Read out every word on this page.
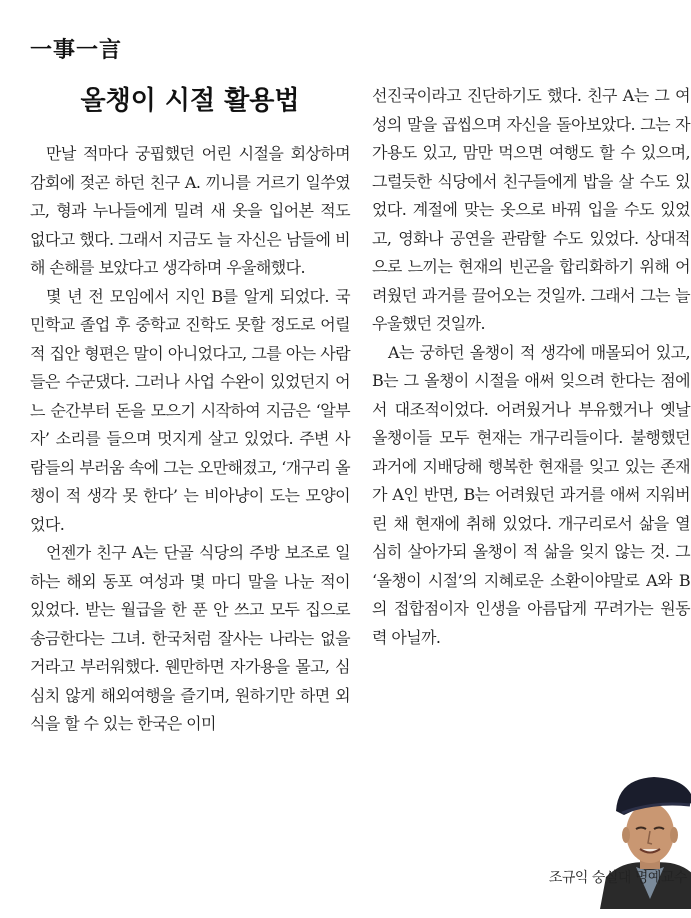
一事一言
올챙이 시절 활용법

만날 적마다 궁핍했던 어린 시절을 회상하며 감회에 젖곤 하던 친구 A. 끼니를 거르기 일쑤였고, 형과 누나들에게 밀려 새 옷을 입어본 적도 없다고 했다. 그래서 지금도 늘 자신은 남들에 비해 손해를 보았다고 생각하며 우울해했다.

몇 년 전 모임에서 지인 B를 알게 되었다. 국민학교 졸업 후 중학교 진학도 못할 정도로 어릴 적 집안 형편은 말이 아니었다고, 그를 아는 사람들은 수군댔다. 그러나 사업 수완이 있었던지 어느 순간부터 돈을 모으기 시작하여 지금은 ‘알부자’ 소리를 들으며 멋지게 살고 있었다. 주변 사람들의 부러움 속에 그는 오만해졌고, ‘개구리 올챙이 적 생각 못 한다’ 는 비아냥이 도는 모양이었다.

언젠가 친구 A는 단골 식당의 주방 보조로 일하는 해외 동포 여성과 몇 마디 말을 나눈 적이 있었다. 받는 월급을 한 푼 안 쓰고 모두 집으로 송금한다는 그녀. 한국처럼 잘사는 나라는 없을 거라고 부러워했다. 웬만하면 자가용을 몰고, 심심치 않게 해외여행을 즐기며, 원하기만 하면 외식을 할 수 있는 한국은 이미

선진국이라고 진단하기도 했다. 친구 A는 그 여성의 말을 곱씹으며 자신을 돌아보았다. 그는 자가용도 있고, 맘만 먹으면 여행도 할 수 있으며, 그럴듯한 식당에서 친구들에게 밥을 살 수도 있었다. 계절에 맞는 옷으로 바꿔 입을 수도 있었고, 영화나 공연을 관람할 수도 있었다. 상대적으로 느끼는 현재의 빈곤을 합리화하기 위해 어려웠던 과거를 끌어오는 것일까. 그래서 그는 늘 우울했던 것일까.

A는 궁하던 올챙이 적 생각에 매몰되어 있고, B는 그 올챙이 시절을 애써 잊으려 한다는 점에서 대조적이었다. 어려웠거나 부유했거나 옛날 올챙이들 모두 현재는 개구리들이다. 불행했던 과거에 지배당해 행복한 현재를 잊고 있는 존재가 A인 반면, B는 어려웠던 과거를 애써 지워버린 채 현재에 취해 있었다. 개구리로서 삶을 열심히 살아가되 올챙이 적 삶을 잊지 않는 것. 그 ‘올챙이 시절’의 지혜로운 소환이야말로 A와 B의 접합점이자 인생을 아름답게 꾸려가는 원동력 아닐까.

조규익 숭실대 명예교수
